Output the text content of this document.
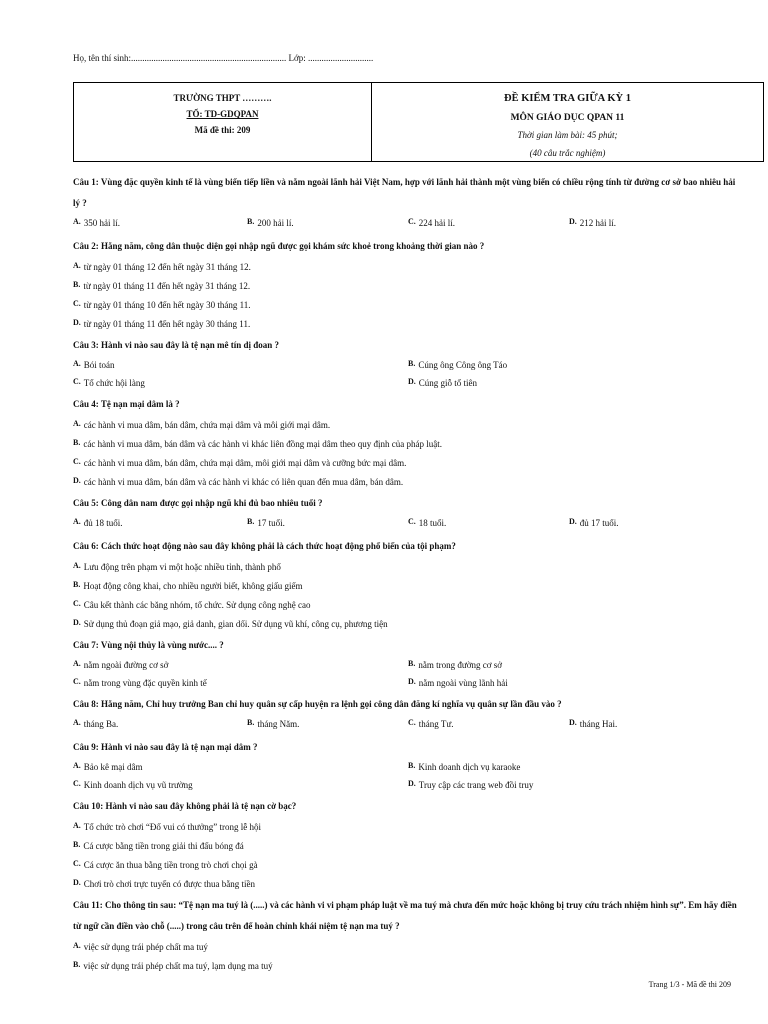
Họ, tên thí sinh:..................................................................... Lớp: .............................
TRƯỜNG THPT ……….
TỔ: TD-GDQPAN
Mã đề thi: 209
ĐỀ KIỂM TRA GIỮA KỲ 1
MÔN GIÁO DỤC QPAN 11
Thời gian làm bài: 45 phút;
(40 câu trắc nghiệm)
Câu 1: Vùng đặc quyền kinh tế là vùng biển tiếp liền và nằm ngoài lãnh hải Việt Nam, hợp với lãnh hải thành một vùng biển có chiều rộng tính từ đường cơ sở bao nhiêu hải lý ?
A. 350 hải lí.	B. 200 hải lí.	C. 224 hải lí.	D. 212 hải lí.
Câu 2: Hằng năm, công dân thuộc diện gọi nhập ngũ được gọi khám sức khoẻ trong khoảng thời gian nào ?
A. từ ngày 01 tháng 12 đến hết ngày 31 tháng 12.
B. từ ngày 01 tháng 11 đến hết ngày 31 tháng 12.
C. từ ngày 01 tháng 10 đến hết ngày 30 tháng 11.
D. từ ngày 01 tháng 11 đến hết ngày 30 tháng 11.
Câu 3: Hành vi nào sau đây là tệ nạn mê tín dị đoan ?
A. Bói toán	B. Cúng ông Công ông Táo
C. Tổ chức hội làng	D. Cúng giỗ tổ tiên
Câu 4: Tệ nạn mại dâm là ?
A. các hành vi mua dâm, bán dâm, chứa mại dâm và môi giới mại dâm.
B. các hành vi mua dâm, bán dâm và các hành vi khác liên đồng mại dâm theo quy định của pháp luật.
C. các hành vi mua dâm, bán dâm, chứa mại dâm, môi giới mại dâm và cưỡng bức mại dâm.
D. các hành vi mua dâm, bán dâm và các hành vi khác có liên quan đến mua dâm, bán dâm.
Câu 5: Công dân nam được gọi nhập ngũ khi đủ bao nhiêu tuổi ?
A. đủ 18 tuổi.	B. 17 tuổi.	C. 18 tuổi.	D. đủ 17 tuổi.
Câu 6: Cách thức hoạt động nào sau đây không phải là cách thức hoạt động phổ biến của tội phạm?
A. Lưu động trên phạm vi một hoặc nhiều tỉnh, thành phố
B. Hoạt động công khai, cho nhiều người biết, không giấu giếm
C. Câu kết thành các băng nhóm, tổ chức. Sử dụng công nghệ cao
D. Sử dụng thủ đoạn giả mạo, giả danh, gian dối. Sử dụng vũ khí, công cụ, phương tiện
Câu 7: Vùng nội thủy là vùng nước.... ?
A. nằm ngoài đường cơ sở	B. nằm trong đường cơ sở
C. nằm trong vùng đặc quyền kinh tế	D. nằm ngoài vùng lãnh hải
Câu 8: Hằng năm, Chỉ huy trưởng Ban chỉ huy quân sự cấp huyện ra lệnh gọi công dân đăng kí nghĩa vụ quân sự lần đầu vào ?
A. tháng Ba.	B. tháng Năm.	C. tháng Tư.	D. tháng Hai.
Câu 9: Hành vi nào sau đây là tệ nạn mại dâm ?
A. Bảo kê mại dâm	B. Kinh doanh dịch vụ karaoke
C. Kinh doanh dịch vụ vũ trường	D. Truy cập các trang web đồi truy
Câu 10: Hành vi nào sau đây không phải là tệ nạn cờ bạc?
A. Tổ chức trò chơi “Đố vui có thưởng” trong lễ hội
B. Cá cược bằng tiền trong giải thi đấu bóng đá
C. Cá cược ăn thua bằng tiền trong trò chơi chọi gà
D. Chơi trò chơi trực tuyến có được thua bằng tiền
Câu 11: Cho thông tin sau: “Tệ nạn ma tuý là (.....) và các hành vi vi phạm pháp luật về ma tuý mà chưa đến mức hoặc không bị truy cứu trách nhiệm hình sự”. Em hãy điền từ ngữ cần điền vào chỗ (.....) trong câu trên để hoàn chỉnh khái niệm tệ nạn ma tuý ?
A. việc sử dụng trái phép chất ma tuý
B. việc sử dụng trái phép chất ma tuý, lạm dụng ma tuý
Trang 1/3 - Mã đề thi 209
